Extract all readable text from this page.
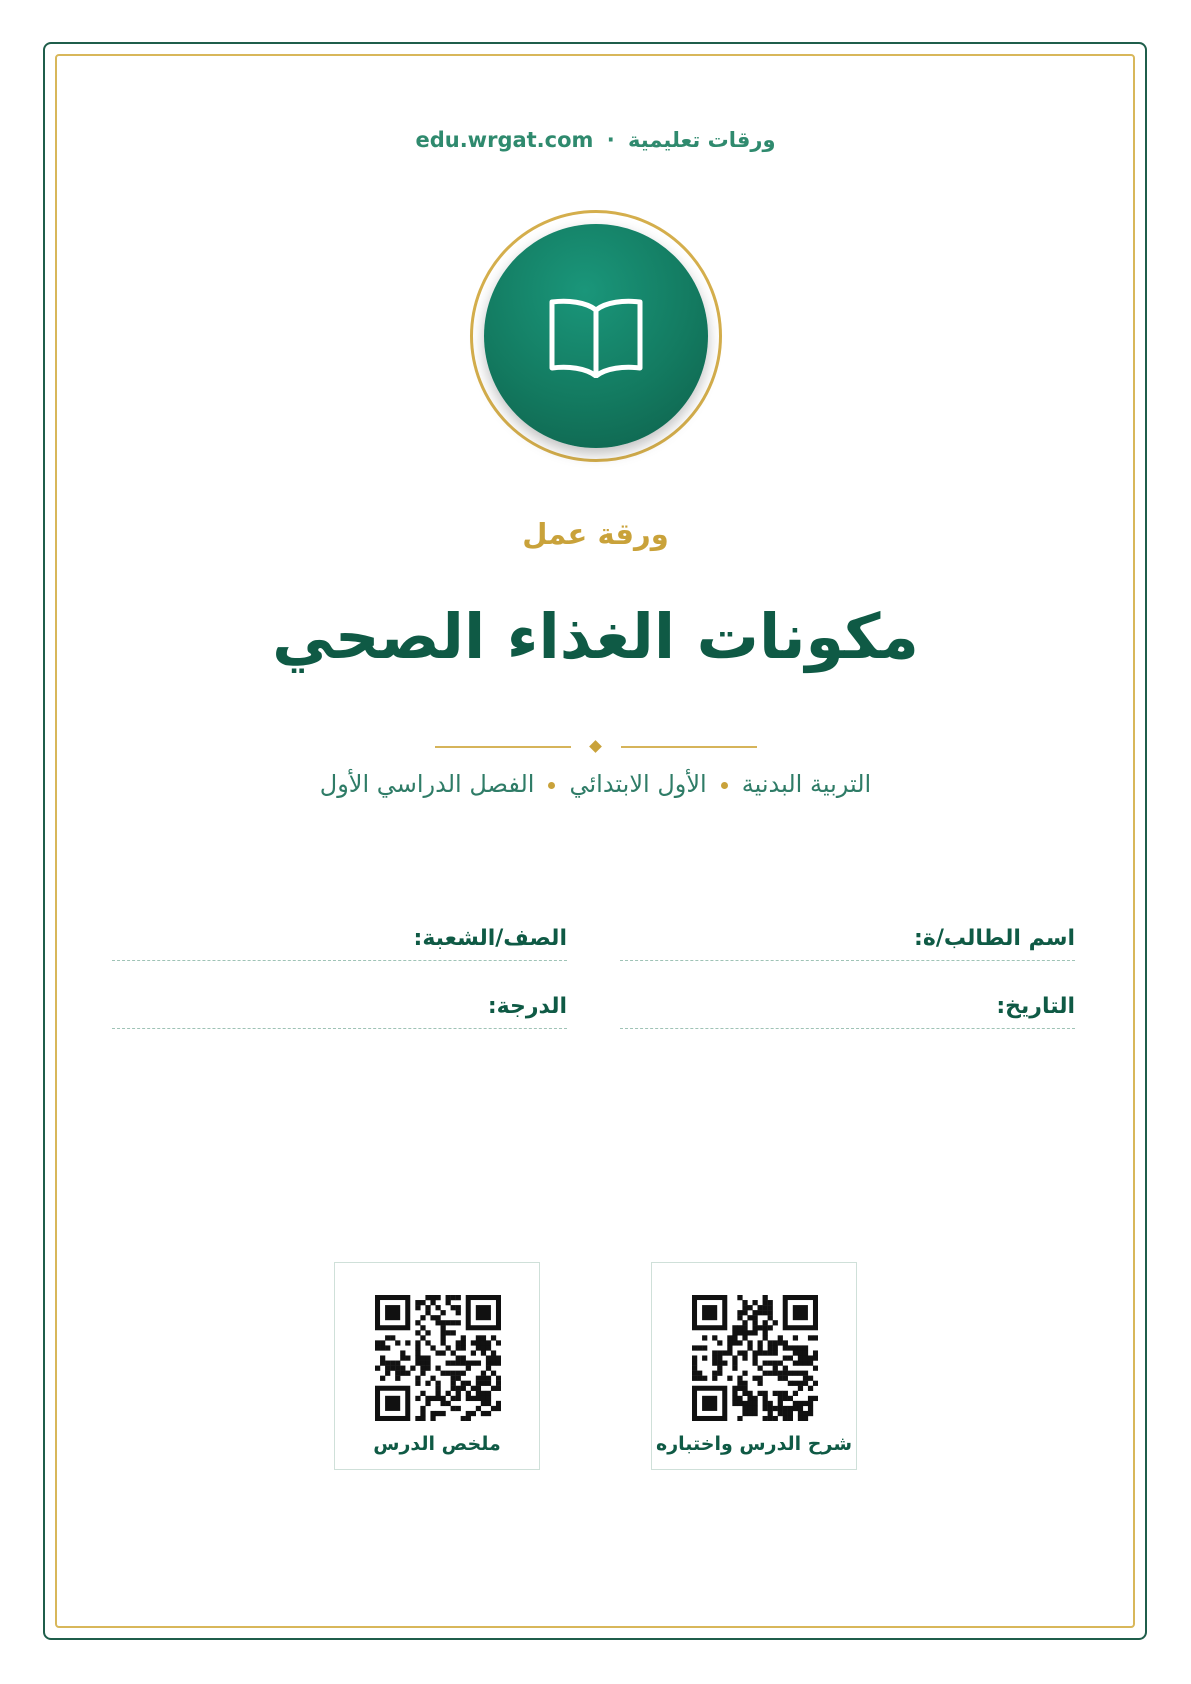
ورقات تعليمية · edu.wrgat.com
ورقة عمل
مكونات الغذاء الصحي
التربية البدنيةالأول الابتدائيالفصل الدراسي الأول
اسم الطالب/ة:
الصف/الشعبة:
التاريخ:
الدرجة:
شرح الدرس واختباره
ملخص الدرس
